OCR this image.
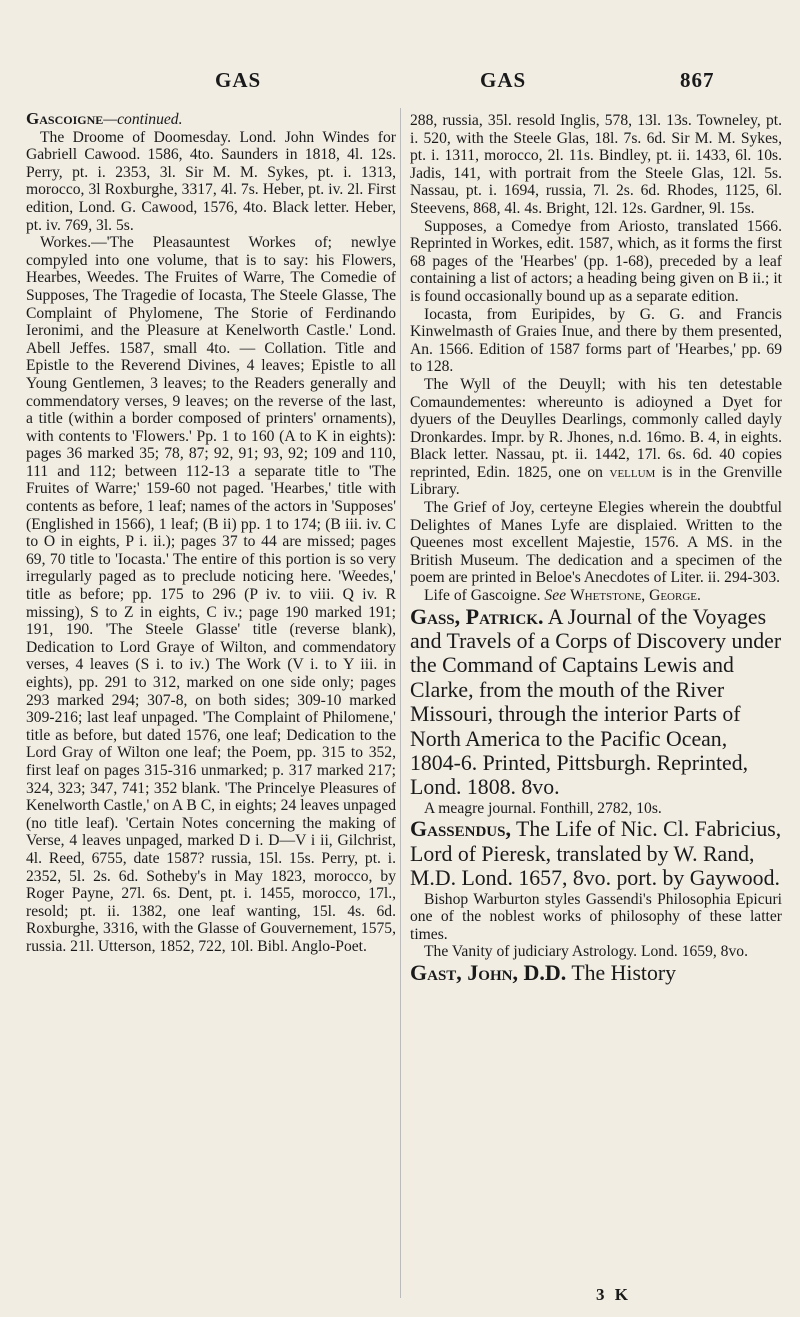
GAS	GAS	867

Gascoigne—continued.

The Droome of Doomesday. Lond. John Windes for Gabriell Cawood. 1586, 4to. Saunders in 1818, 4l. 12s. Perry, pt. i. 2353, 3l. Sir M. M. Sykes, pt. i. 1313, morocco, 3l Roxburghe, 3317, 4l. 7s. Heber, pt. iv. 2l. First edition, Lond. G. Cawood, 1576, 4to. Black letter. Heber, pt. iv. 769, 3l. 5s.

Workes.—'The Pleasauntest Workes of; newlye compyled into one volume, that is to say: his Flowers, Hearbes, Weedes. The Fruites of Warre, The Comedie of Supposes, The Tragedie of Iocasta, The Steele Glasse, The Complaint of Phylomene, The Storie of Ferdinando Ieronimi, and the Pleasure at Kenelworth Castle.' Lond. Abell Jeffes. 1587, small 4to. — Collation. Title and Epistle to the Reverend Divines, 4 leaves; Epistle to all Young Gentlemen, 3 leaves; to the Readers generally and commendatory verses, 9 leaves; on the reverse of the last, a title (within a border composed of printers' ornaments), with contents to 'Flowers.' Pp. 1 to 160 (A to K in eights): pages 36 marked 35; 78, 87; 92, 91; 93, 92; 109 and 110, 111 and 112; between 112-13 a separate title to 'The Fruites of Warre;' 159-60 not paged. 'Hearbes,' title with contents as before, 1 leaf; names of the actors in 'Supposes' (Englished in 1566), 1 leaf; (B ii) pp. 1 to 174; (B iii. iv. C to O in eights, P i. ii.); pages 37 to 44 are missed; pages 69, 70 title to 'Iocasta.' The entire of this portion is so very irregularly paged as to preclude noticing here. 'Weedes,' title as before; pp. 175 to 296 (P iv. to viii. Q iv. R missing), S to Z in eights, C iv.; page 190 marked 191; 191, 190. 'The Steele Glasse' title (reverse blank), Dedication to Lord Graye of Wilton, and commendatory verses, 4 leaves (S i. to iv.) The Work (V i. to Y iii. in eights), pp. 291 to 312, marked on one side only; pages 293 marked 294; 307-8, on both sides; 309-10 marked 309-216; last leaf unpaged. 'The Complaint of Philomene,' title as before, but dated 1576, one leaf; Dedication to the Lord Gray of Wilton one leaf; the Poem, pp. 315 to 352, first leaf on pages 315-316 unmarked; p. 317 marked 217; 324, 323; 347, 741; 352 blank. 'The Princelye Pleasures of Kenelworth Castle,' on A B C, in eights; 24 leaves unpaged (no title leaf). 'Certain Notes concerning the making of Verse, 4 leaves unpaged, marked D i. D—V i ii, Gilchrist, 4l. Reed, 6755, date 1587? russia, 15l. 15s. Perry, pt. i. 2352, 5l. 2s. 6d. Sotheby's in May 1823, morocco, by Roger Payne, 27l. 6s. Dent, pt. i. 1455, morocco, 17l., resold; pt. ii. 1382, one leaf wanting, 15l. 4s. 6d. Roxburghe, 3316, with the Glasse of Gouvernement, 1575, russia. 21l. Utterson, 1852, 722, 10l. Bibl. Anglo-Poet.

288, russia, 35l. resold Inglis, 578, 13l. 13s. Towneley, pt. i. 520, with the Steele Glas, 18l. 7s. 6d. Sir M. M. Sykes, pt. i. 1311, morocco, 2l. 11s. Bindley, pt. ii. 1433, 6l. 10s. Jadis, 141, with portrait from the Steele Glas, 12l. 5s. Nassau, pt. i. 1694, russia, 7l. 2s. 6d. Rhodes, 1125, 6l. Steevens, 868, 4l. 4s. Bright, 12l. 12s. Gardner, 9l. 15s.

Supposes, a Comedye from Ariosto, translated 1566. Reprinted in Workes, edit. 1587, which, as it forms the first 68 pages of the 'Hearbes' (pp. 1-68), preceded by a leaf containing a list of actors; a heading being given on B ii.; it is found occasionally bound up as a separate edition.

Iocasta, from Euripides, by G. G. and Francis Kinwelmasth of Graies Inue, and there by them presented, An. 1566. Edition of 1587 forms part of 'Hearbes,' pp. 69 to 128.

The Wyll of the Deuyll; with his ten detestable Comaundementes: whereunto is adioyned a Dyet for dyuers of the Deuylles Dearlings, commonly called dayly Dronkardes. Impr. by R. Jhones, n.d. 16mo. B. 4, in eights. Black letter. Nassau, pt. ii. 1442, 17l. 6s. 6d. 40 copies reprinted, Edin. 1825, one on vellum is in the Grenville Library.

The Grief of Joy, certeyne Elegies wherein the doubtful Delightes of Manes Lyfe are displaied. Written to the Queenes most excellent Majestie, 1576. A MS. in the British Museum. The dedication and a specimen of the poem are printed in Beloe's Anecdotes of Liter. ii. 294-303.

Life of Gascoigne. See Whetstone, George.

Gass, Patrick. A Journal of the Voyages and Travels of a Corps of Discovery under the Command of Captains Lewis and Clarke, from the mouth of the River Missouri, through the interior Parts of North America to the Pacific Ocean, 1804-6. Printed, Pittsburgh. Reprinted, Lond. 1808. 8vo.

A meagre journal. Fonthill, 2782, 10s.

Gassendus, The Life of Nic. Cl. Fabricius, Lord of Pieresk, translated by W. Rand, M.D. Lond. 1657, 8vo. port. by Gaywood.

Bishop Warburton styles Gassendi's Philosophia Epicuri one of the noblest works of philosophy of these latter times.

The Vanity of judiciary Astrology. Lond. 1659, 8vo.

Gast, John, D.D. The History

3 K
